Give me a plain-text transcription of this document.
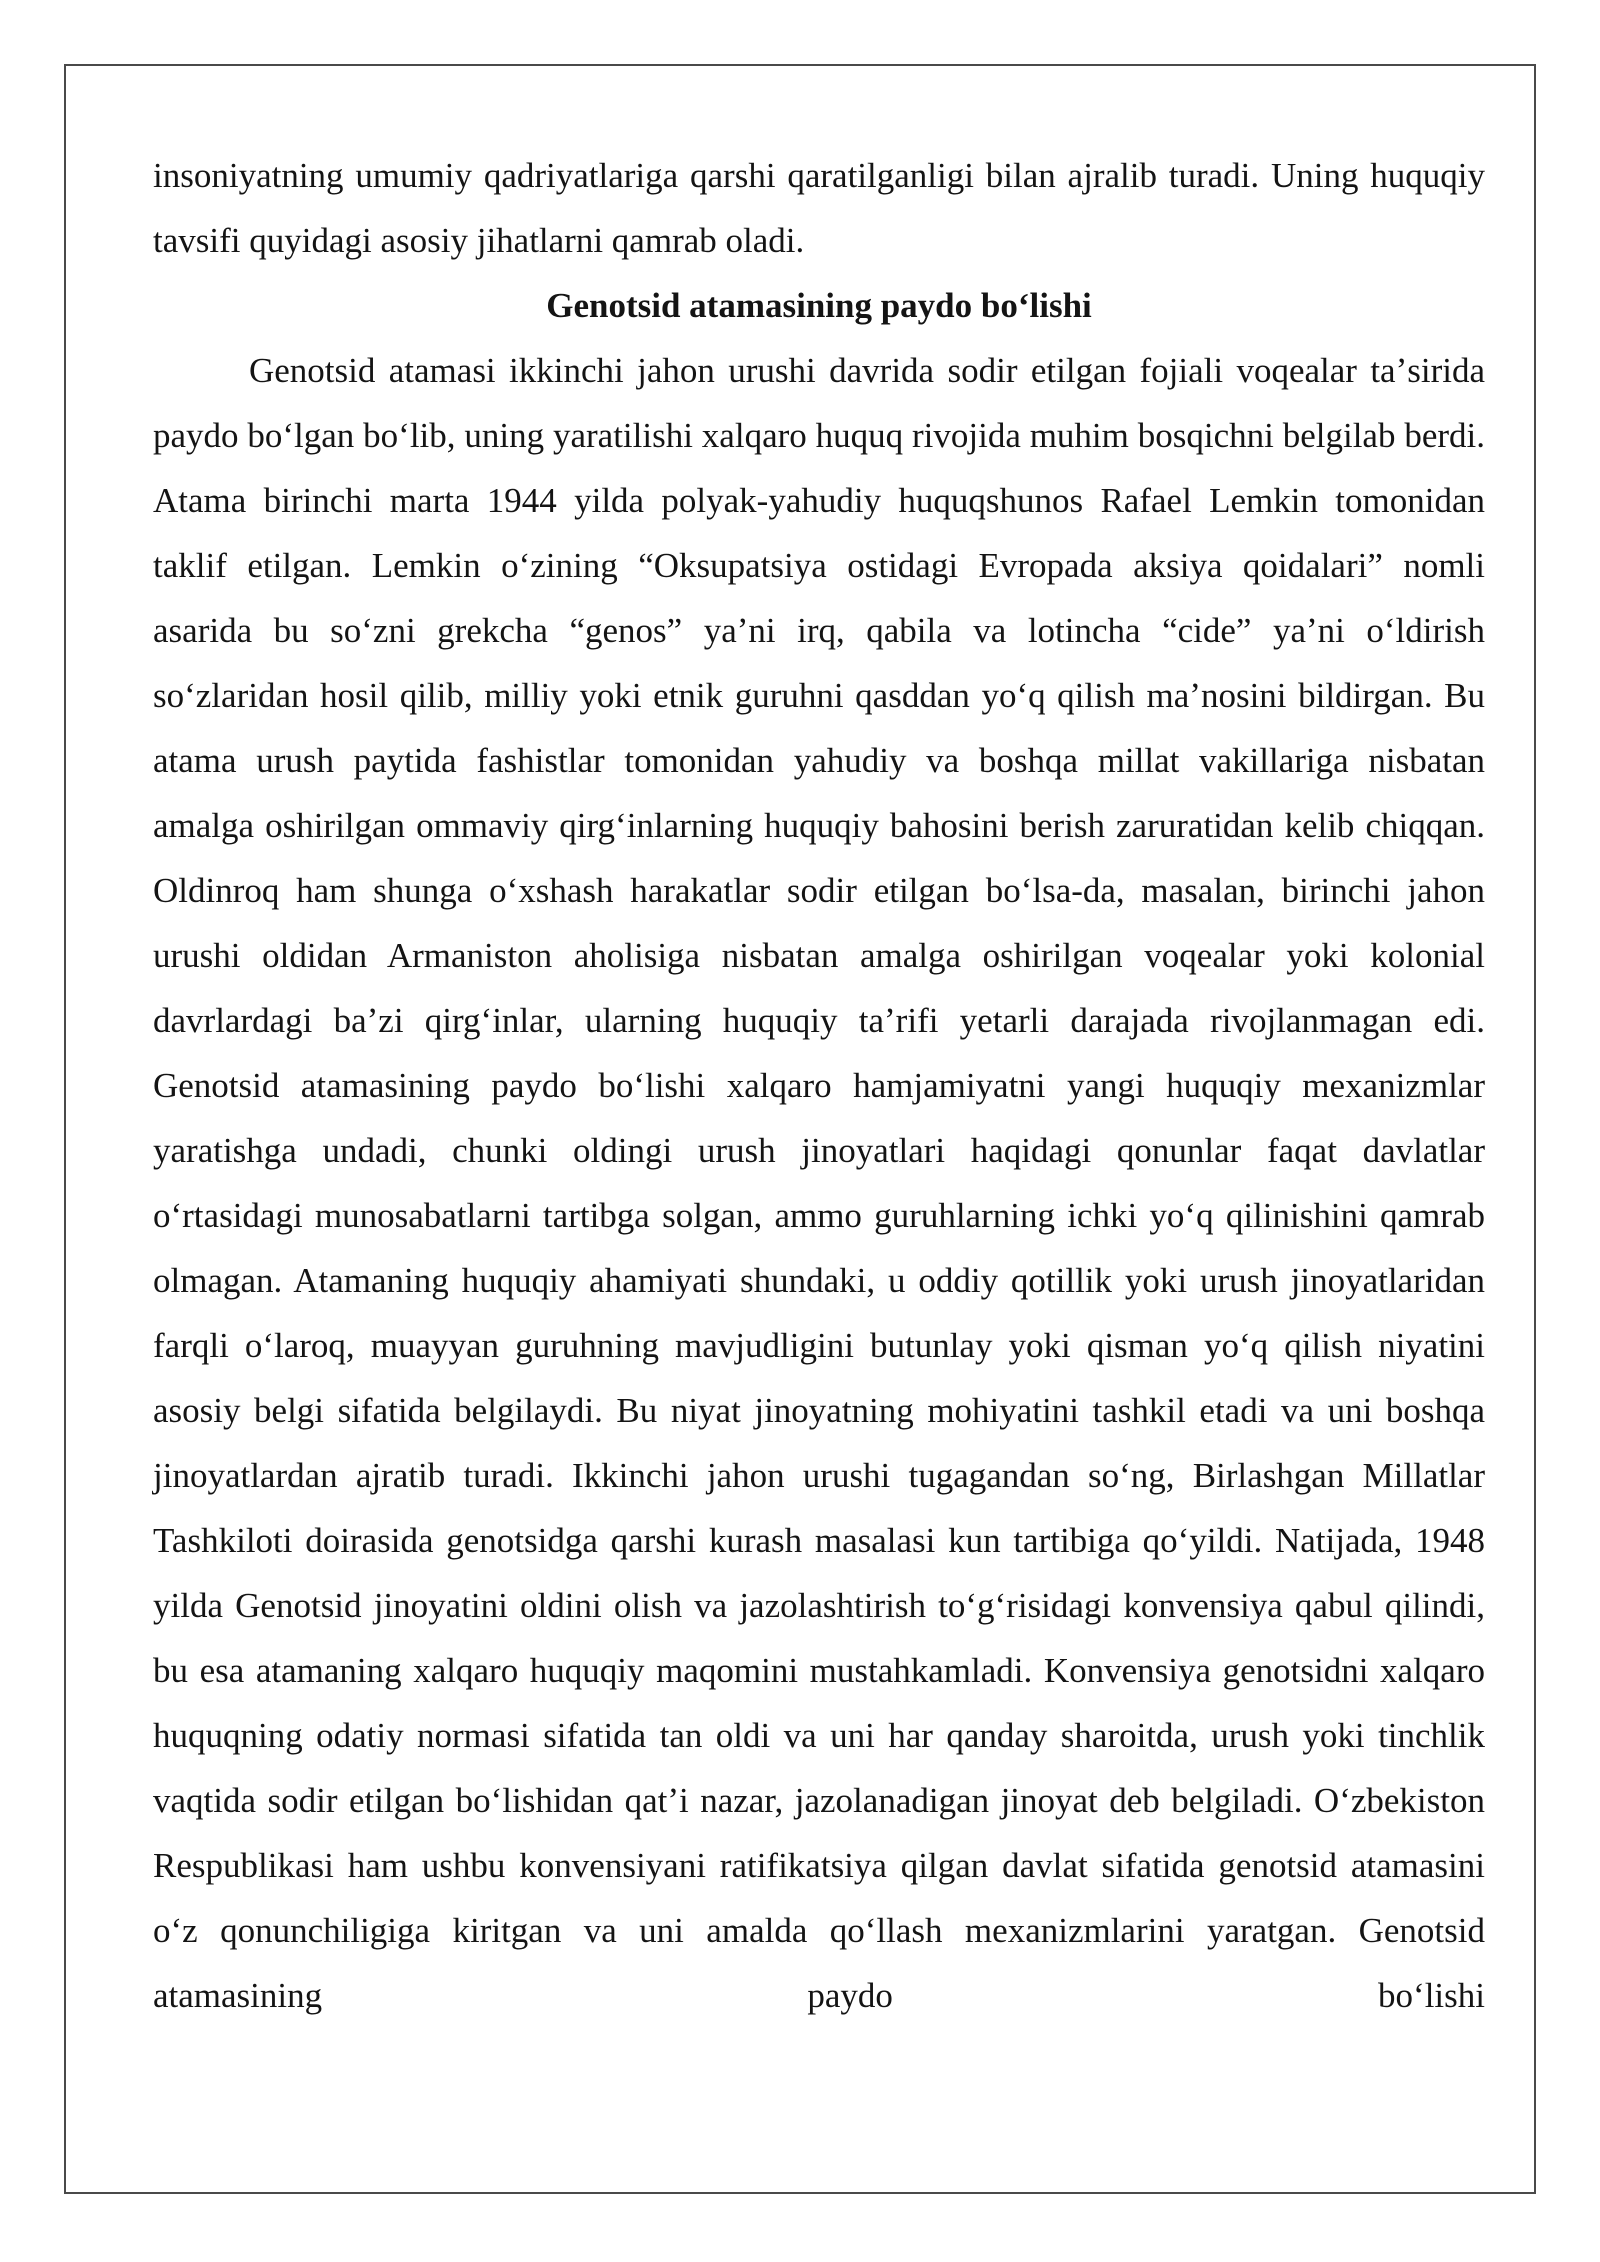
insoniyatning umumiy qadriyatlariga qarshi qaratilganligi bilan ajralib turadi. Uning huquqiy tavsifi quyidagi asosiy jihatlarni qamrab oladi.

Genotsid atamasining paydo boʻlishi

Genotsid atamasi ikkinchi jahon urushi davrida sodir etilgan fojiali voqealar taʼsirida paydo boʻlgan boʻlib, uning yaratilishi xalqaro huquq rivojida muhim bosqichni belgilab berdi. Atama birinchi marta 1944 yilda polyak-yahudiy huquqshunos Rafael Lemkin tomonidan taklif etilgan. Lemkin oʻzining “Oksupatsiya ostidagi Evropada aksiya qoidalari” nomli asarida bu soʻzni grekcha “genos” yaʼni irq, qabila va lotincha “cide” yaʼni oʻldirish soʻzlaridan hosil qilib, milliy yoki etnik guruhni qasddan yoʻq qilish maʼnosini bildirgan. Bu atama urush paytida fashistlar tomonidan yahudiy va boshqa millat vakillariga nisbatan amalga oshirilgan ommaviy qirgʻinlarning huquqiy bahosini berish zaruratidan kelib chiqqan. Oldinroq ham shunga oʻxshash harakatlar sodir etilgan boʻlsa-da, masalan, birinchi jahon urushi oldidan Armaniston aholisiga nisbatan amalga oshirilgan voqealar yoki kolonial davrlardagi baʼzi qirgʻinlar, ularning huquqiy taʼrifi yetarli darajada rivojlanmagan edi. Genotsid atamasining paydo boʻlishi xalqaro hamjamiyatni yangi huquqiy mexanizmlar yaratishga undadi, chunki oldingi urush jinoyatlari haqidagi qonunlar faqat davlatlar oʻrtasidagi munosabatlarni tartibga solgan, ammo guruhlarning ichki yoʻq qilinishini qamrab olmagan. Atamaning huquqiy ahamiyati shundaki, u oddiy qotillik yoki urush jinoyatlaridan farqli oʻlaroq, muayyan guruhning mavjudligini butunlay yoki qisman yoʻq qilish niyatini asosiy belgi sifatida belgilaydi. Bu niyat jinoyatning mohiyatini tashkil etadi va uni boshqa jinoyatlardan ajratib turadi. Ikkinchi jahon urushi tugagandan soʻng, Birlashgan Millatlar Tashkiloti doirasida genotsidga qarshi kurash masalasi kun tartibiga qoʻyildi. Natijada, 1948 yilda Genotsid jinoyatini oldini olish va jazolashtirish toʻgʻrisidagi konvensiya qabul qilindi, bu esa atamaning xalqaro huquqiy maqomini mustahkamladi. Konvensiya genotsidni xalqaro huquqning odatiy normasi sifatida tan oldi va uni har qanday sharoitda, urush yoki tinchlik vaqtida sodir etilgan boʻlishidan qatʼi nazar, jazolanadigan jinoyat deb belgiladi. Oʻzbekiston Respublikasi ham ushbu konvensiyani ratifikatsiya qilgan davlat sifatida genotsid atamasini oʻz qonunchiligiga kiritgan va uni amalda qoʻllash mexanizmlarini yaratgan. Genotsid atamasining paydo boʻlishi
